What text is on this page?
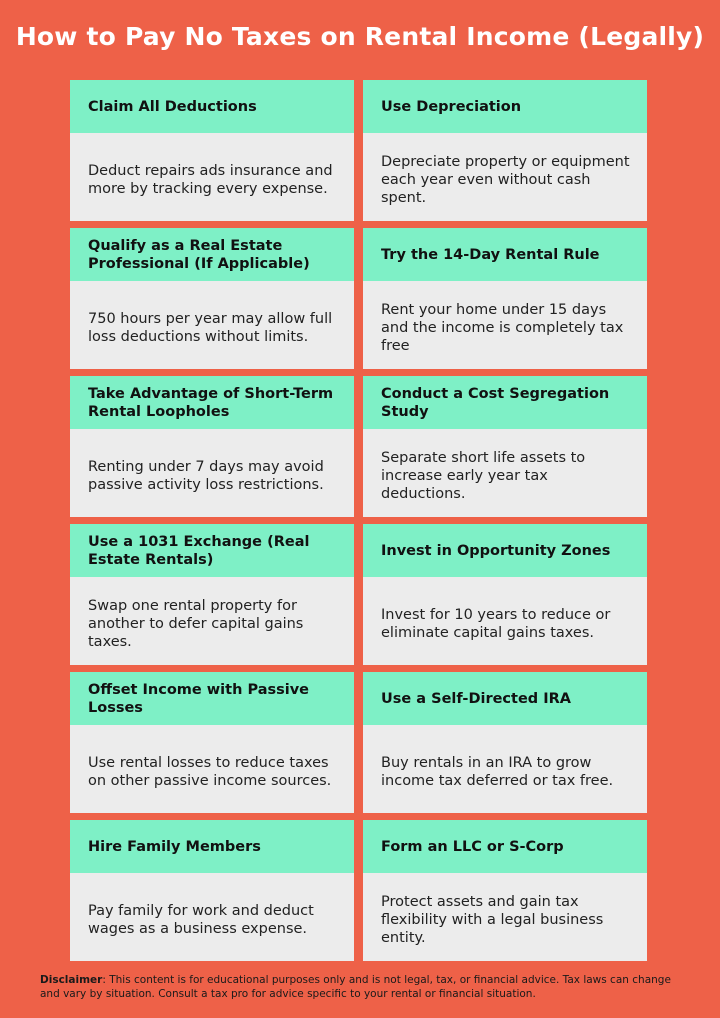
How to Pay No Taxes on Rental Income (Legally)
Claim All Deductions
Deduct repairs ads insurance and more by tracking every expense.
Use Depreciation
Depreciate property or equipment each year even without cash spent.
Qualify as a Real Estate Professional (If Applicable)
750 hours per year may allow full loss deductions without limits.
Try the 14-Day Rental Rule
Rent your home under 15 days and the income is completely tax free
Take Advantage of Short-Term Rental Loopholes
Renting under 7 days may avoid passive activity loss restrictions.
Conduct a Cost Segregation Study
Separate short life assets to increase early year tax deductions.
Use a 1031 Exchange (Real Estate Rentals)
Swap one rental property for another to defer capital gains taxes.
Invest in Opportunity Zones
Invest for 10 years to reduce or eliminate capital gains taxes.
Offset Income with Passive Losses
Use rental losses to reduce taxes on other passive income sources.
Use a Self-Directed IRA
Buy rentals in an IRA to grow income tax deferred or tax free.
Hire Family Members
Pay family for work and deduct wages as a business expense.
Form an LLC or S-Corp
Protect assets and gain tax flexibility with a legal business entity.
Disclaimer: This content is for educational purposes only and is not legal, tax, or financial advice. Tax laws can change and vary by situation. Consult a tax pro for advice specific to your rental or financial situation.
